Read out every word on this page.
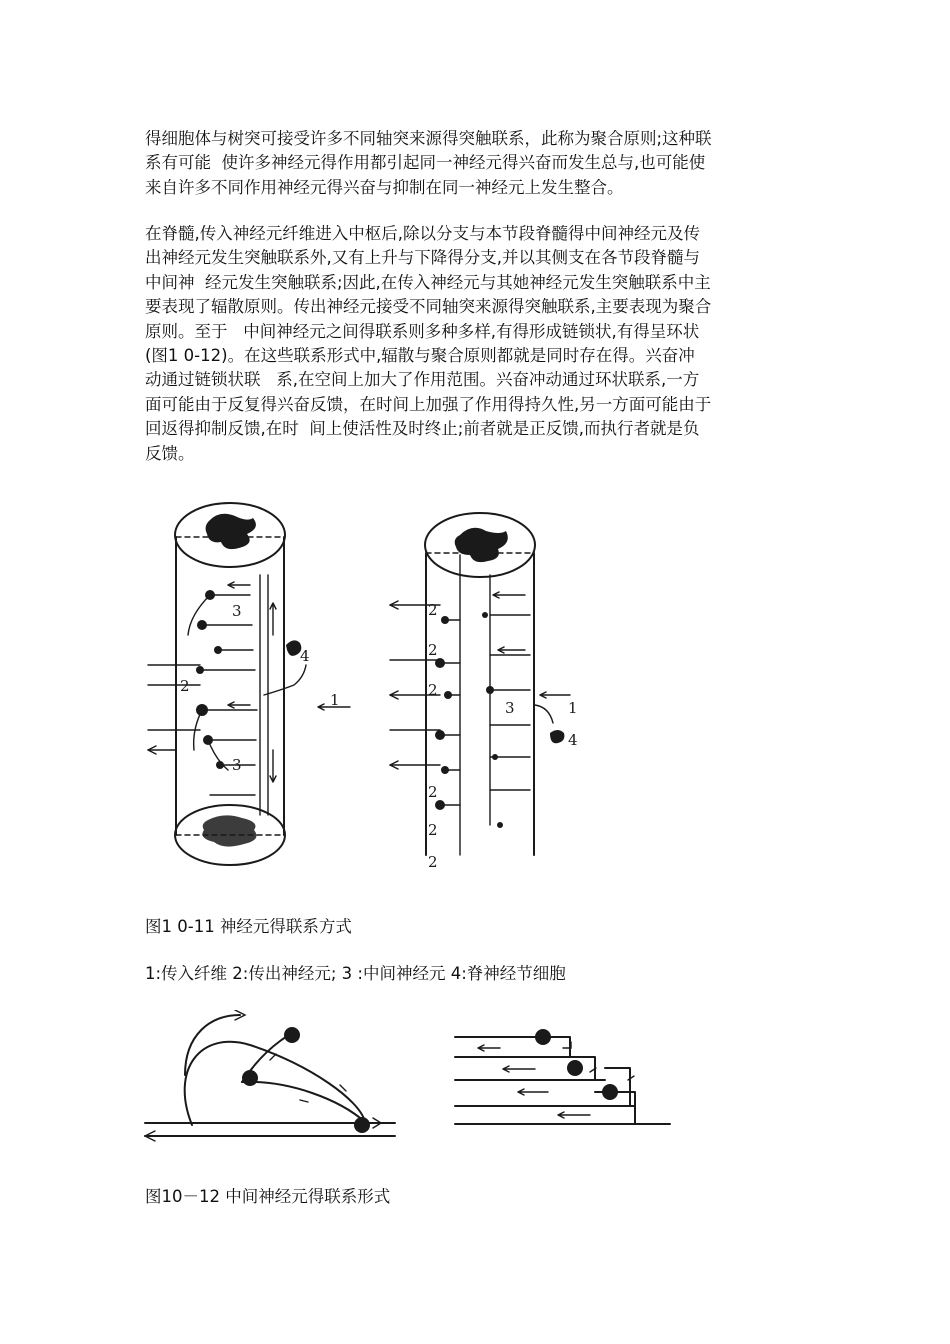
得细胞体与树突可接受许多不同轴突来源得突触联系，此称为聚合原则;这种联
系有可能  使许多神经元得作用都引起同一神经元得兴奋而发生总与,也可能使
来自许多不同作用神经元得兴奋与抑制在同一神经元上发生整合。
在脊髓,传入神经元纤维进入中枢后,除以分支与本节段脊髓得中间神经元及传
出神经元发生突触联系外,又有上升与下降得分支,并以其侧支在各节段脊髓与
中间神  经元发生突触联系;因此,在传入神经元与其她神经元发生突触联系中主
要表现了辐散原则。传出神经元接受不同轴突来源得突触联系,主要表现为聚合
原则。至于   中间神经元之间得联系则多种多样,有得形成链锁状,有得呈环状
(图1 0-12)。在这些联系形式中,辐散与聚合原则都就是同时存在得。兴奋冲
动通过链锁状联   系,在空间上加大了作用范围。兴奋冲动通过环状联系,一方
面可能由于反复得兴奋反馈，在时间上加强了作用得持久性,另一方面可能由于
回返得抑制反馈,在时  间上使活性及时终止;前者就是正反馈,而执行者就是负
反馈。
3
4
2
1
3
2
2
2
3	1
4
2
2
2

图1 0-11 神经元得联系方式

1:传入纤维 2:传出神经元; 3 :中间神经元 4:脊神经节细胞

图10－12 中间神经元得联系形式
